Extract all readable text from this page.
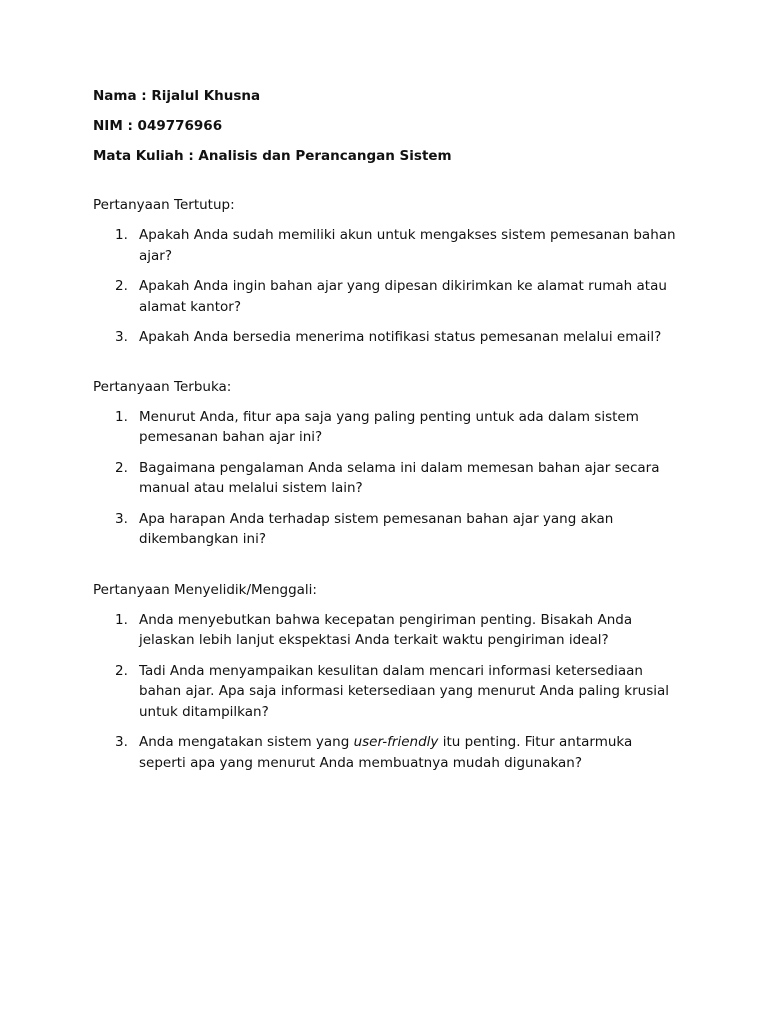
Nama : Rijalul Khusna
NIM : 049776966
Mata Kuliah : Analisis dan Perancangan Sistem
Pertanyaan Tertutup:
1. Apakah Anda sudah memiliki akun untuk mengakses sistem pemesanan bahan ajar?
2. Apakah Anda ingin bahan ajar yang dipesan dikirimkan ke alamat rumah atau alamat kantor?
3. Apakah Anda bersedia menerima notifikasi status pemesanan melalui email?
Pertanyaan Terbuka:
1. Menurut Anda, fitur apa saja yang paling penting untuk ada dalam sistem pemesanan bahan ajar ini?
2. Bagaimana pengalaman Anda selama ini dalam memesan bahan ajar secara manual atau melalui sistem lain?
3. Apa harapan Anda terhadap sistem pemesanan bahan ajar yang akan dikembangkan ini?
Pertanyaan Menyelidik/Menggali:
1. Anda menyebutkan bahwa kecepatan pengiriman penting. Bisakah Anda jelaskan lebih lanjut ekspektasi Anda terkait waktu pengiriman ideal?
2. Tadi Anda menyampaikan kesulitan dalam mencari informasi ketersediaan bahan ajar. Apa saja informasi ketersediaan yang menurut Anda paling krusial untuk ditampilkan?
3. Anda mengatakan sistem yang user-friendly itu penting. Fitur antarmuka seperti apa yang menurut Anda membuatnya mudah digunakan?
